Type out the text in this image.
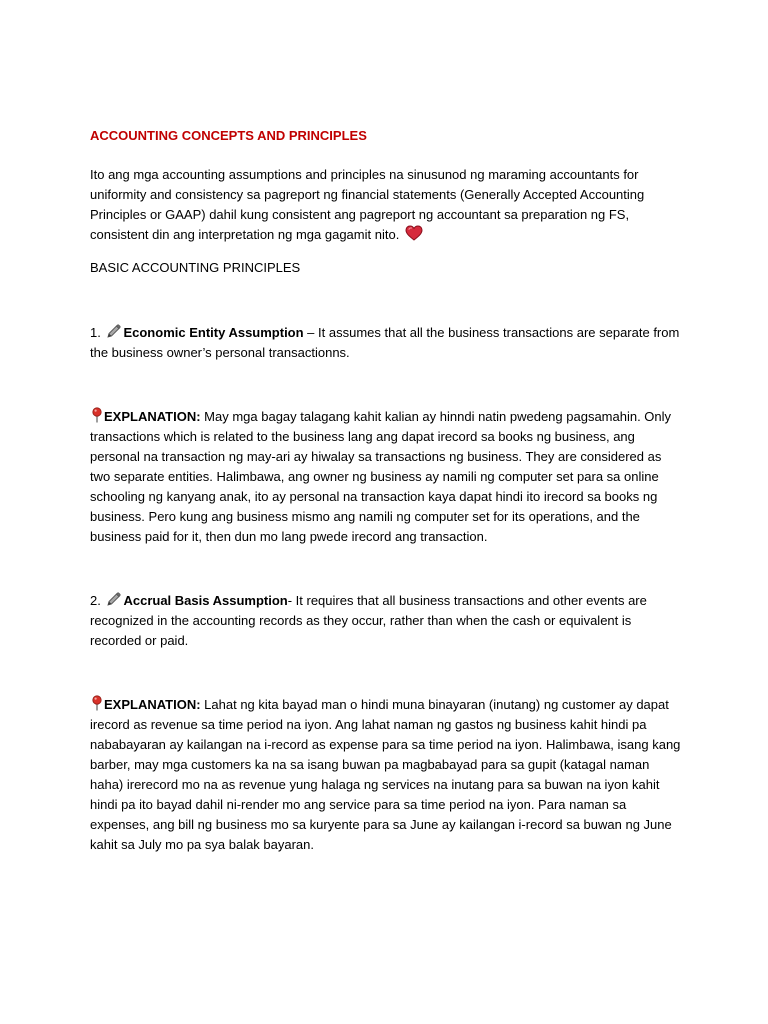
ACCOUNTING CONCEPTS AND PRINCIPLES

Ito ang mga accounting assumptions and principles na sinusunod ng maraming accountants for uniformity and consistency sa pagreport ng financial statements (Generally Accepted Accounting Principles or GAAP) dahil kung consistent ang pagreport ng accountant sa preparation ng FS, consistent din ang interpretation ng mga gagamit nito.

BASIC ACCOUNTING PRINCIPLES

1. Economic Entity Assumption – It assumes that all the business transactions are separate from the business owner’s personal transactionns.

EXPLANATION: May mga bagay talagang kahit kalian ay hinndi natin pwedeng pagsamahin. Only transactions which is related to the business lang ang dapat irecord sa books ng business, ang personal na transaction ng may-ari ay hiwalay sa transactions ng business. They are considered as two separate entities. Halimbawa, ang owner ng business ay namili ng computer set para sa online schooling ng kanyang anak, ito ay personal na transaction kaya dapat hindi ito irecord sa books ng business. Pero kung ang business mismo ang namili ng computer set for its operations, and the business paid for it, then dun mo lang pwede irecord ang transaction.

2. Accrual Basis Assumption- It requires that all business transactions and other events are recognized in the accounting records as they occur, rather than when the cash or equivalent is recorded or paid.

EXPLANATION: Lahat ng kita bayad man o hindi muna binayaran (inutang) ng customer ay dapat irecord as revenue sa time period na iyon. Ang lahat naman ng gastos ng business kahit hindi pa nababayaran ay kailangan na i-record as expense para sa time period na iyon. Halimbawa, isang kang barber, may mga customers ka na sa isang buwan pa magbabayad para sa gupit (katagal naman haha) irerecord mo na as revenue yung halaga ng services na inutang para sa buwan na iyon kahit hindi pa ito bayad dahil ni-render mo ang service para sa time period na iyon. Para naman sa expenses, ang bill ng business mo sa kuryente para sa June ay kailangan i-record sa buwan ng June kahit sa July mo pa sya balak bayaran.
